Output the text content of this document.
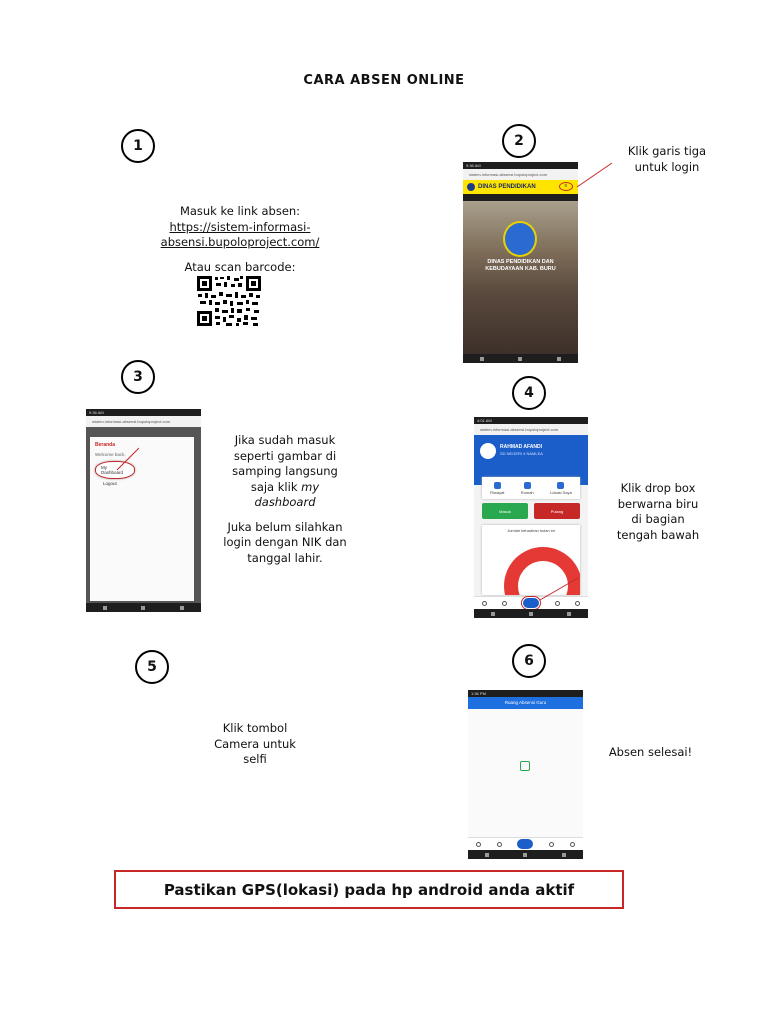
CARA ABSEN ONLINE
1	2
3
4
5	6
Masuk ke link absen:
https://sistem-informasi-
absensi.bupoloproject.com/
Atau scan barcode:
Klik garis tiga
untuk login
9:36 AM
sistem-informasi-absensi.bupoloproject.com
DINAS PENDIDIKAN	≡
DINAS PENDIDIKAN DAN
KEBUDAYAAN KAB. BURU
Jika sudah masuk
seperti gambar di
samping langsung
saja klik my
dashboard
Juka belum silahkan
login dengan NIK dan
tanggal lahir.
9:36 AM
sistem-informasi-absensi.bupoloproject.com
Beranda
Welcome back,
My Dashboard
Logout	Klik drop box
berwarna biru
di bagian
tengah bawah
4:01 AM
sistem-informasi-absensi.bupoloproject.com
RAHMAD AFANDI
SD NEGERI 4 NAMLEA
Riwayat	Rumah	Lokasi Saya
Masuk	Pulang
Jumlah kehadiran bulan ini
Klik tombol
Camera untuk
selfi
1:36 PM
Ruang Absensi Guru
Absen selesai!
Pastikan GPS(lokasi) pada hp android anda aktif
